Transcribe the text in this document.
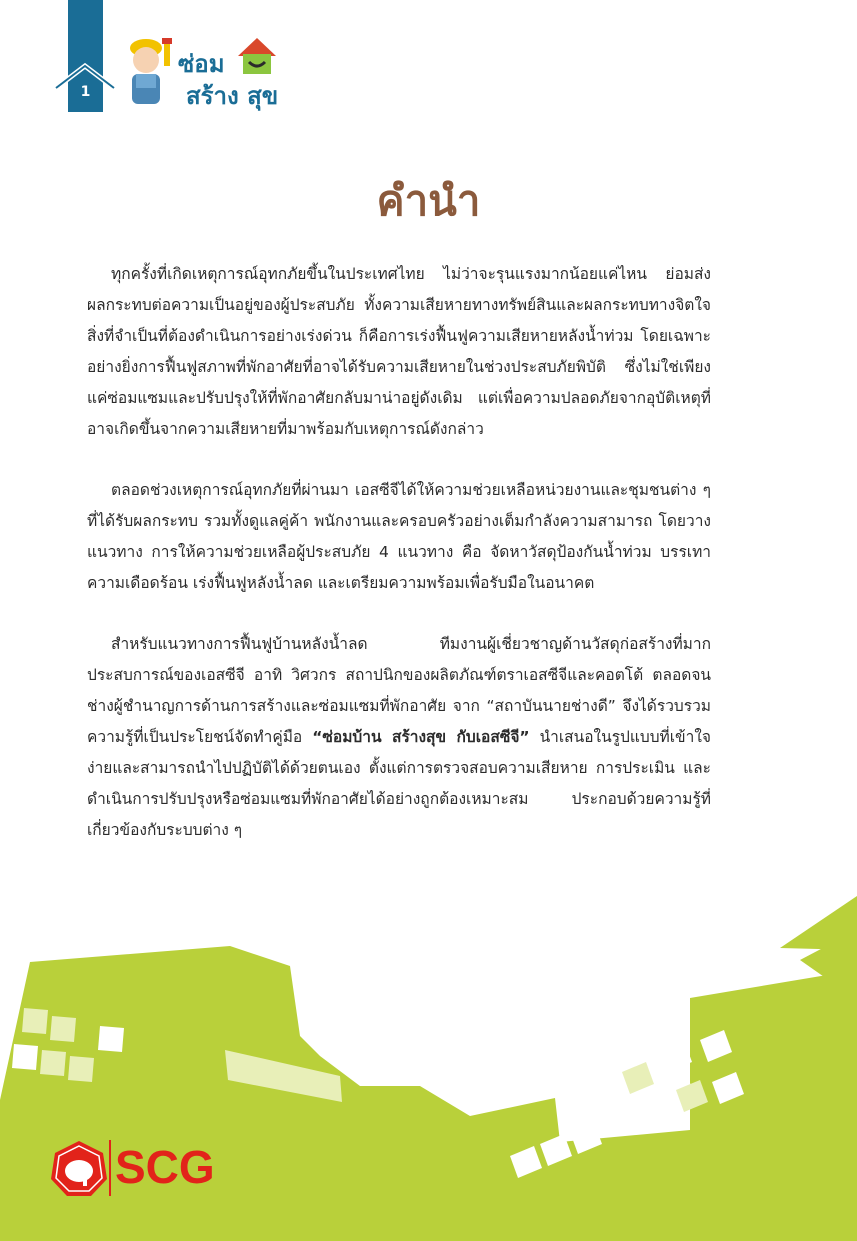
1
ซ่อม
สร้าง สุข
คำนำ

ทุกครั้งที่เกิดเหตุการณ์อุทกภัยขึ้นในประเทศไทย ไม่ว่าจะรุนแรงมากน้อยแค่ไหน ย่อมส่งผลกระทบต่อความเป็นอยู่ของผู้ประสบภัย ทั้งความเสียหายทางทรัพย์สินและผลกระทบทางจิตใจ สิ่งที่จำเป็นที่ต้องดำเนินการอย่างเร่งด่วน ก็คือการเร่งฟื้นฟูความเสียหายหลังน้ำท่วม โดยเฉพาะอย่างยิ่งการฟื้นฟูสภาพที่พักอาศัยที่อาจได้รับความเสียหายในช่วงประสบภัยพิบัติ ซึ่งไม่ใช่เพียงแค่ซ่อมแซมและปรับปรุงให้ที่พักอาศัยกลับมาน่าอยู่ดังเดิม แต่เพื่อความปลอดภัยจากอุบัติเหตุที่อาจเกิดขึ้นจากความเสียหายที่มาพร้อมกับเหตุการณ์ดังกล่าว

ตลอดช่วงเหตุการณ์อุทกภัยที่ผ่านมา เอสซีจีได้ให้ความช่วยเหลือหน่วยงานและชุมชนต่าง ๆ ที่ได้รับผลกระทบ รวมทั้งดูแลคู่ค้า พนักงานและครอบครัวอย่างเต็มกำลังความสามารถ โดยวางแนวทาง การให้ความช่วยเหลือผู้ประสบภัย 4 แนวทาง คือ จัดหาวัสดุป้องกันน้ำท่วม บรรเทาความเดือดร้อน เร่งฟื้นฟูหลังน้ำลด และเตรียมความพร้อมเพื่อรับมือในอนาคต

สำหรับแนวทางการฟื้นฟูบ้านหลังน้ำลด ทีมงานผู้เชี่ยวชาญด้านวัสดุก่อสร้างที่มากประสบการณ์ของเอสซีจี อาทิ วิศวกร สถาปนิกของผลิตภัณฑ์ตราเอสซีจีและคอตโต้ ตลอดจนช่างผู้ชำนาญการด้านการสร้างและซ่อมแซมที่พักอาศัย จาก “สถาบันนายช่างดี” จึงได้รวบรวมความรู้ที่เป็นประโยชน์จัดทำคู่มือ “ซ่อมบ้าน สร้างสุข กับเอสซีจี” นำเสนอในรูปแบบที่เข้าใจง่ายและสามารถนำไปปฏิบัติได้ด้วยตนเอง ตั้งแต่การตรวจสอบความเสียหาย การประเมิน และดำเนินการปรับปรุงหรือซ่อมแซมที่พักอาศัยได้อย่างถูกต้องเหมาะสม ประกอบด้วยความรู้ที่เกี่ยวข้องกับระบบต่าง ๆ

SCG
